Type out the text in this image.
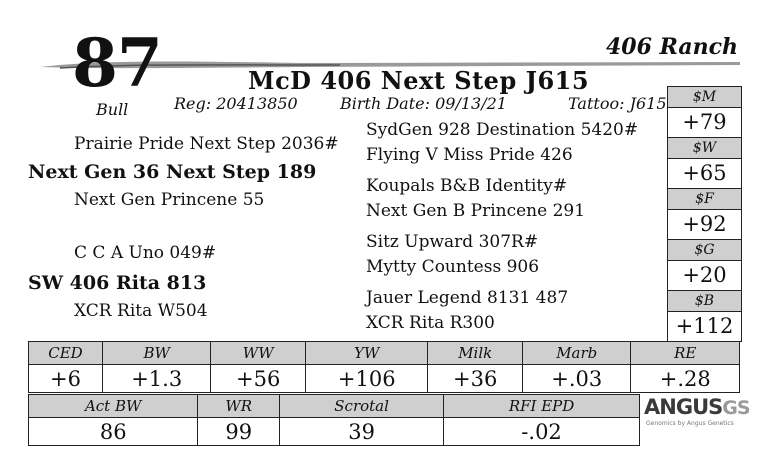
87
Bull
406 Ranch
McD 406 Next Step J615
Reg: 20413850	Birth Date: 09/13/21	Tattoo: J615
Prairie Pride Next Step 2036#
Next Gen 36 Next Step 189
Next Gen Princene 55
C C A Uno 049#
SW 406 Rita 813
XCR Rita W504
SydGen 928 Destination 5420#
Flying V Miss Pride 426
Koupals B&B Identity#
Next Gen B Princene 291
Sitz Upward 307R#
Mytty Countess 906
Jauer Legend 8131 487
XCR Rita R300
$M
+79
$W
+65
$F
+92
$G
+20
$B
+112
CED	BW	WW	YW	Milk	Marb	RE
+6	+1.3	+56	+106	+36	+.03	+.28
Act BW	WR	Scrotal	RFI EPD
86	99	39	-.02
ANGUSGS
Genomics by Angus Genetics
